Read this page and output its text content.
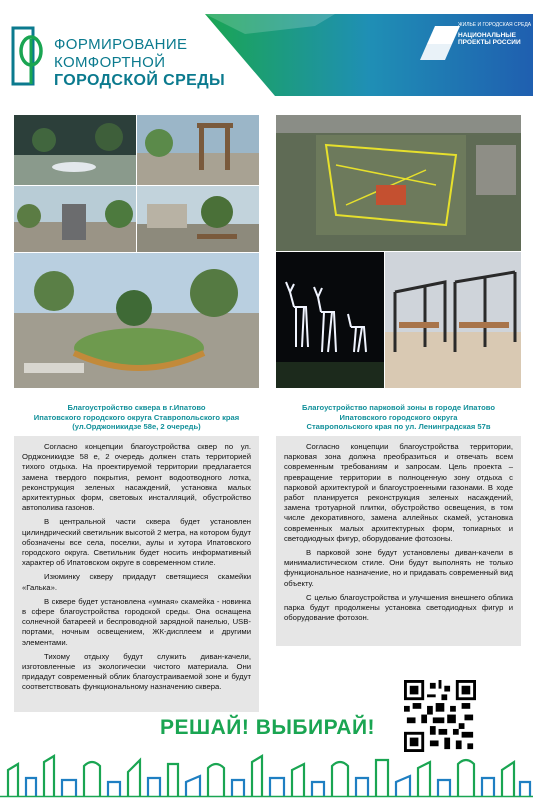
ФОРМИРОВАНИЕ
КОМФОРТНОЙ
ГОРОДСКОЙ СРЕДЫ
ЖИЛЬЕ И ГОРОДСКАЯ СРЕДА
НАЦИОНАЛЬНЫЕ ПРОЕКТЫ РОССИИ
Благоустройство сквера в г.Ипатово
Ипатовского городского округа Ставропольского края
(ул.Орджоникидзе 58е, 2 очередь)
Благоустройство парковой зоны в городе Ипатово
Ипатовского городского округа
Ставропольского края по ул. Ленинградская 57в

Согласно концепции благоустройства сквер по ул. Орджоникидзе 58 е, 2 очередь должен стать территорией тихого отдыха. На проектируемой территории предлагается замена твердого покрытия, ремонт водоотводного лотка, реконструкция зеленых насаждений, установка малых архитектурных форм, световых инсталляций, обустройство автополива газонов.

В центральной части сквера будет установлен цилиндрический светильник высотой 2 метра, на котором будут обозначены все села, поселки, аулы и хутора Ипатовского городского округа. Светильник будет носить информативный характер об Ипатовском округе в современном стиле.

Изюминку скверу придадут светящиеся скамейки «Галька».

В сквере будет установлена «умная» скамейка - новинка в сфере благоустройства городской среды. Она оснащена солнечной батареей и беспроводной зарядной панелью, USB-портами, ночным освещением, ЖК-дисплеем и другими элементами.

Тихому отдыху будут служить диван-качели, изготовленные из экологически чистого материала. Они придадут современный облик благоустраиваемой зоне и будут соответствовать функциональному назначению сквера.

Согласно концепции благоустройства территории, парковая зона должна преобразиться и отвечать всем современным требованиям и запросам. Цель проекта – превращение территории в полноценную зону отдыха с парковой архитектурой и благоустроенными газонами. В ходе работ планируется реконструкция зеленых насаждений, замена тротуарной плитки, обустройство освещения, в том числе декоративного, замена аллейных скамей, установка современных малых архитектурных форм, топиарных и светодиодных фигур, оборудование фотозоны.

В парковой зоне будут установлены диван-качели в минималистическом стиле. Они будут выполнять не только функциональное назначение, но и придавать современный вид объекту.

С целью благоустройства и улучшения внешнего облика парка будут продолжены установка светодиодных фигур и оборудование фотозон.

РЕШАЙ! ВЫБИРАЙ!
